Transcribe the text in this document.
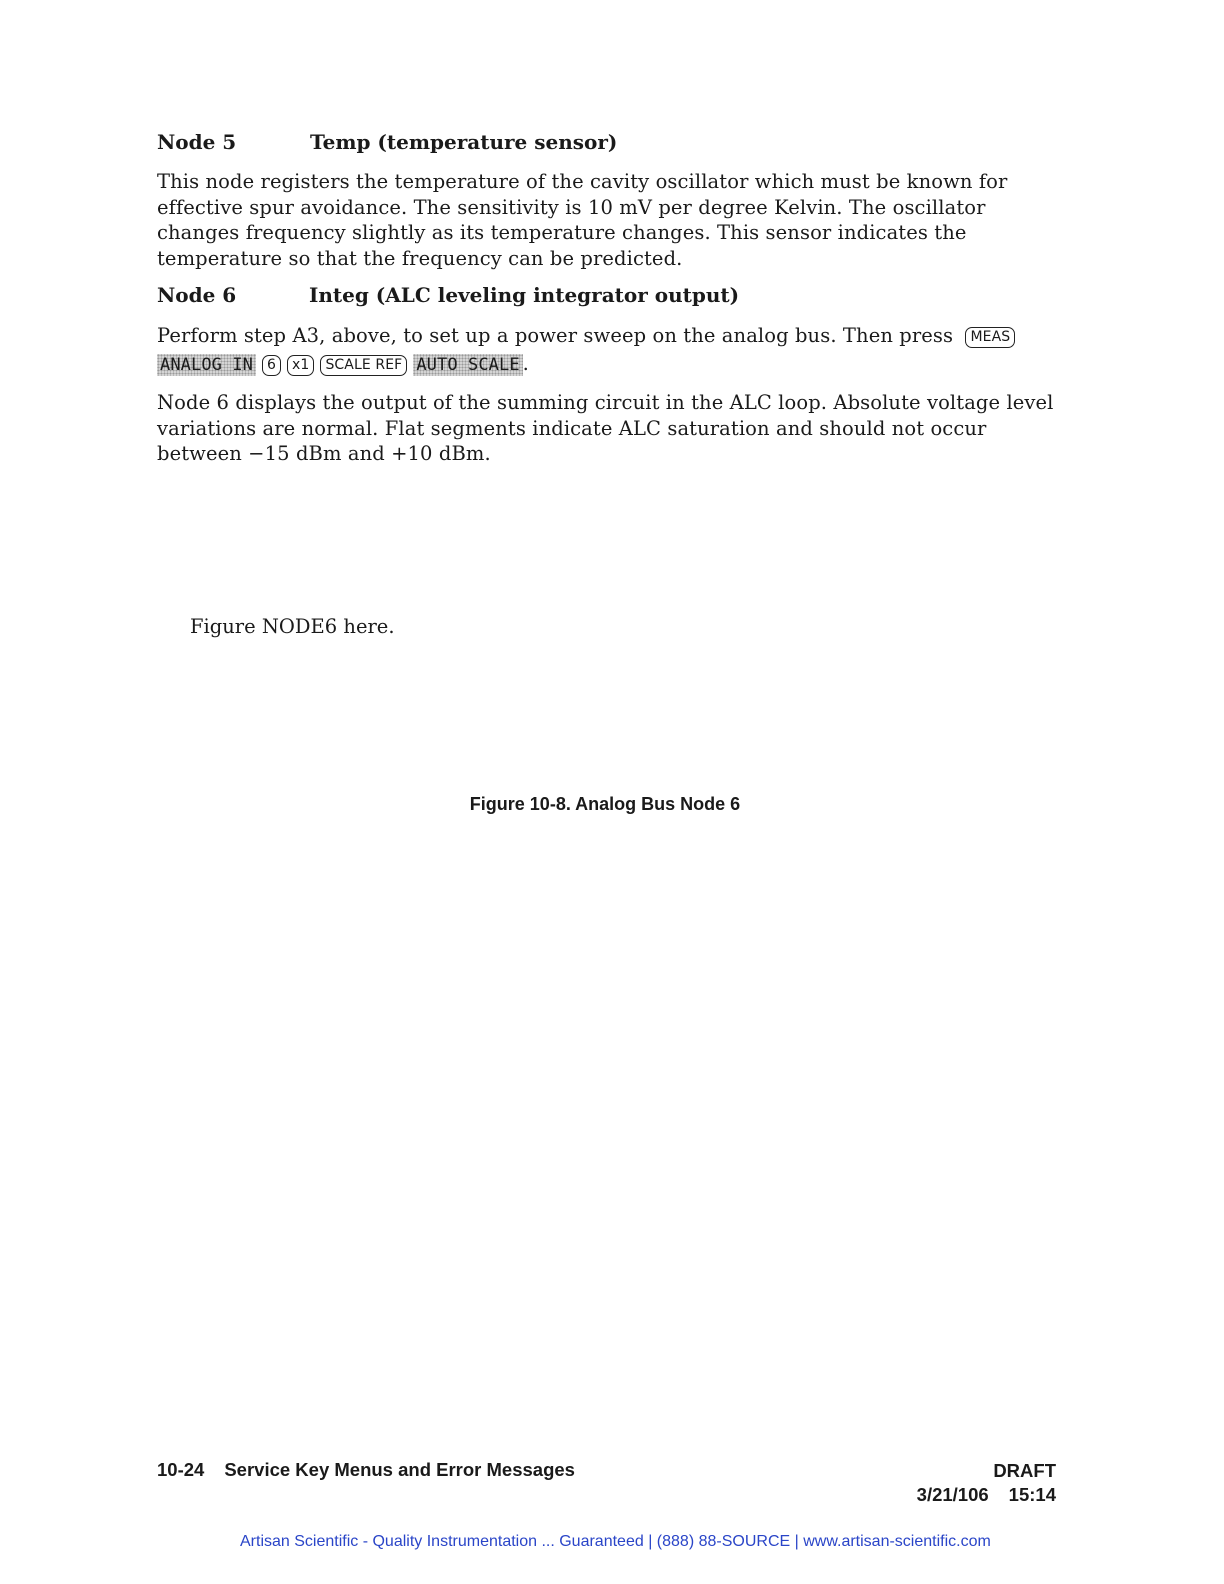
Node 5	Temp (temperature sensor)

This node registers the temperature of the cavity oscillator which must be known for effective spur avoidance. The sensitivity is 10 mV per degree Kelvin. The oscillator changes frequency slightly as its temperature changes. This sensor indicates the temperature so that the frequency can be predicted.

Node 6	Integ (ALC leveling integrator output)

Perform step A3, above, to set up a power sweep on the analog bus. Then press MEAS

ANALOG IN 6 x1 SCALE REF AUTO SCALE .

Node 6 displays the output of the summing circuit in the ALC loop. Absolute voltage level variations are normal. Flat segments indicate ALC saturation and should not occur between −15 dBm and +10 dBm.

Figure NODE6 here.
Figure 10-8. Analog Bus Node 6
10-24 Service Key Menus and Error Messages	DRAFT
3/21/106 15:14
Artisan Scientific - Quality Instrumentation ... Guaranteed | (888) 88-SOURCE | www.artisan-scientific.com
